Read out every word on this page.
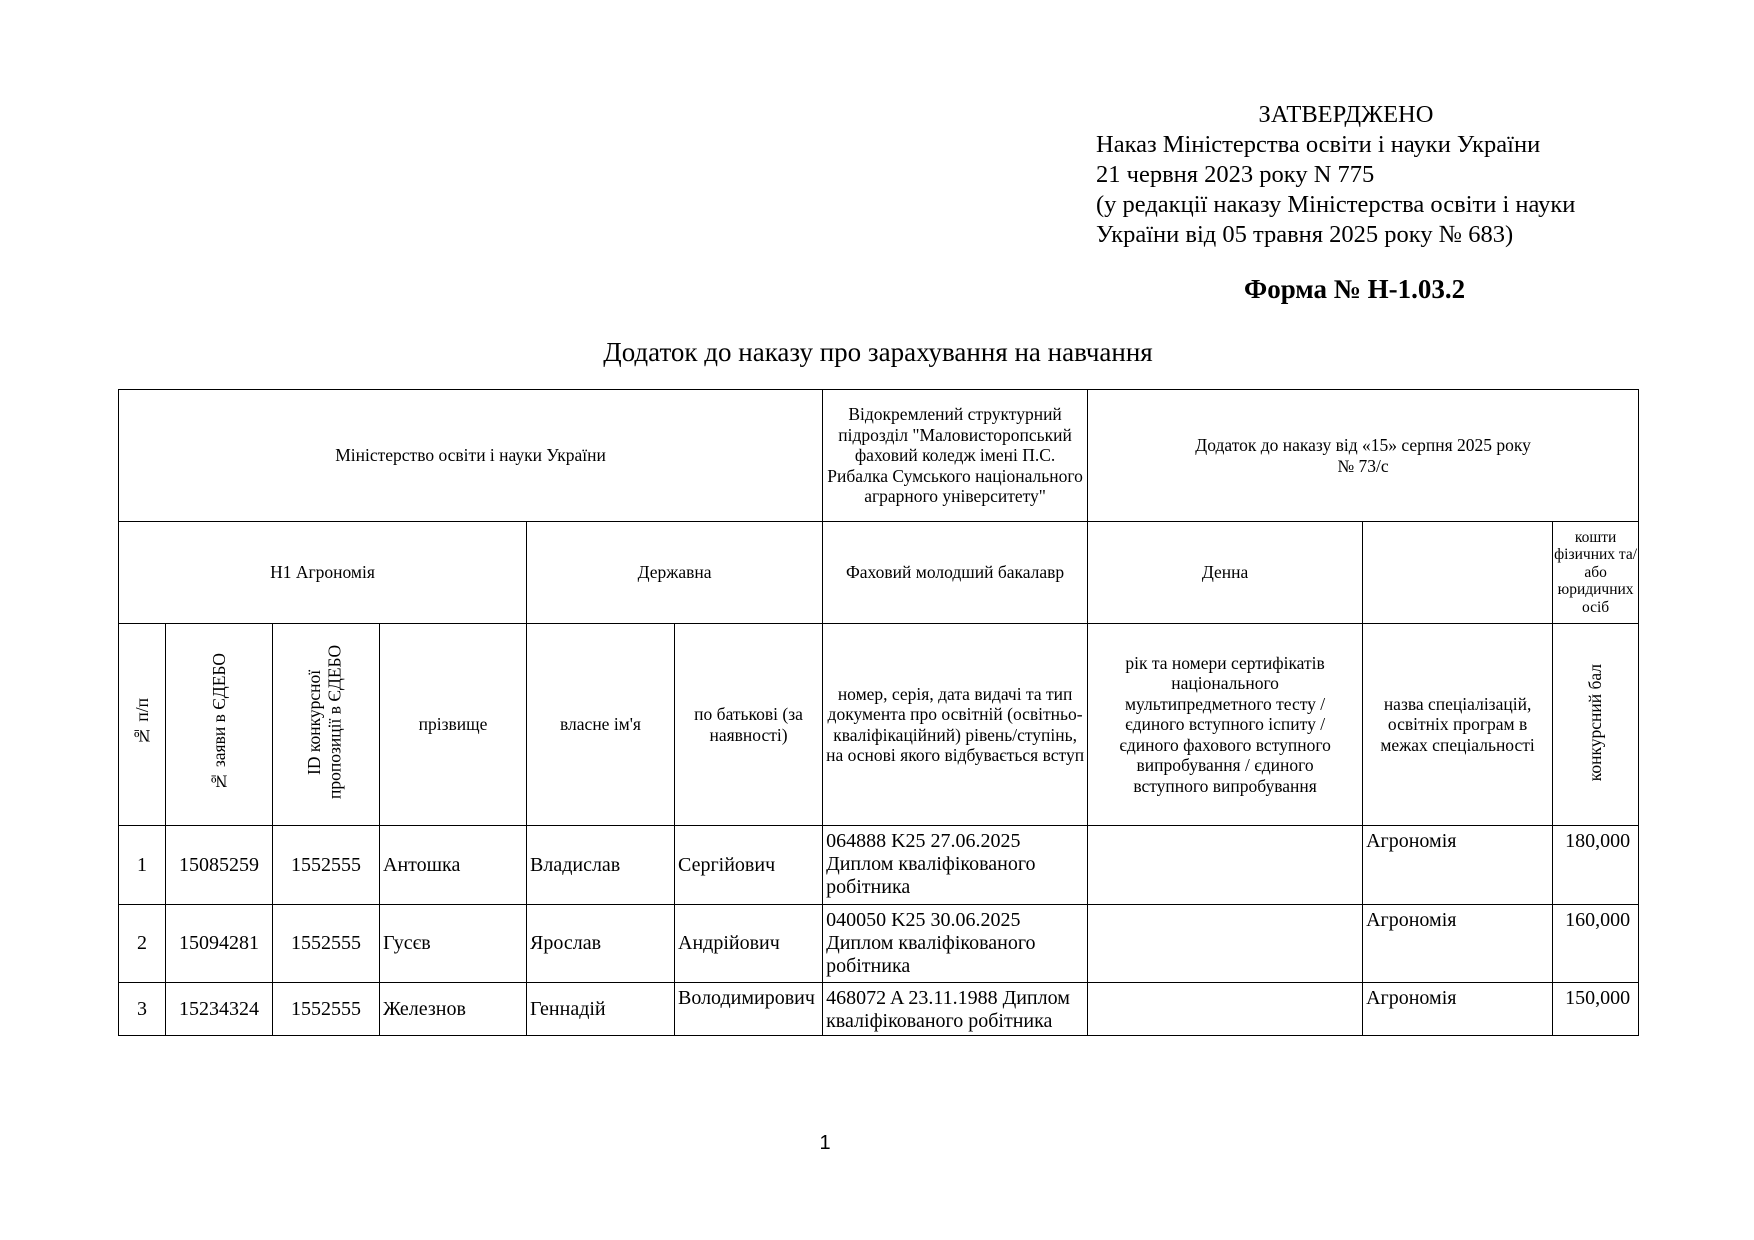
ЗАТВЕРДЖЕНО
Наказ Міністерства освіти і науки України
21 червня 2023 року N 775
(у редакції наказу Міністерства освіти і науки
України від 05 травня 2025 року № 683)
Форма № Н-1.03.2
Додаток до наказу про зарахування на навчання
Міністерство освіти і науки України						Відокремлений структурний підрозділ "Маловисторопський фаховий коледж імені П.С. Рибалка Сумського національного аграрного університету"	Додаток до наказу від «15» серпня 2025 року
№ 73/с		

Н1 Агрономія				Державна		Фаховий молодший бакалавр	Денна		кошти фізичних та/або юридичних осіб
№ п/п	№ заяви в ЄДЕБО	ID конкурсної пропозиції в ЄДЕБО	прізвище	власне ім'я	по батькові (за наявності)	номер, серія, дата видачі та тип документа про освітній (освітньо-кваліфікаційний) рівень/ступінь, на основі якого відбувається вступ	рік та номери сертифікатів національного мультипредметного тесту / єдиного вступного іспиту / єдиного фахового вступного випробування / єдиного вступного випробування	назва спеціалізацій, освітніх програм в межах спеціальності	конкурсний бал
1	15085259	1552555	Антошка	Владислав	Сергійович	064888 K25 27.06.2025 Диплом кваліфікованого робітника		Агрономія	180,000
2	15094281	1552555	Гусєв	Ярослав	Андрійович	040050 K25 30.06.2025 Диплом кваліфікованого робітника		Агрономія	160,000
3	15234324	1552555	Железнов	Геннадій	Володимирович	468072 A 23.11.1988 Диплом кваліфікованого робітника		Агрономія	150,000
1
